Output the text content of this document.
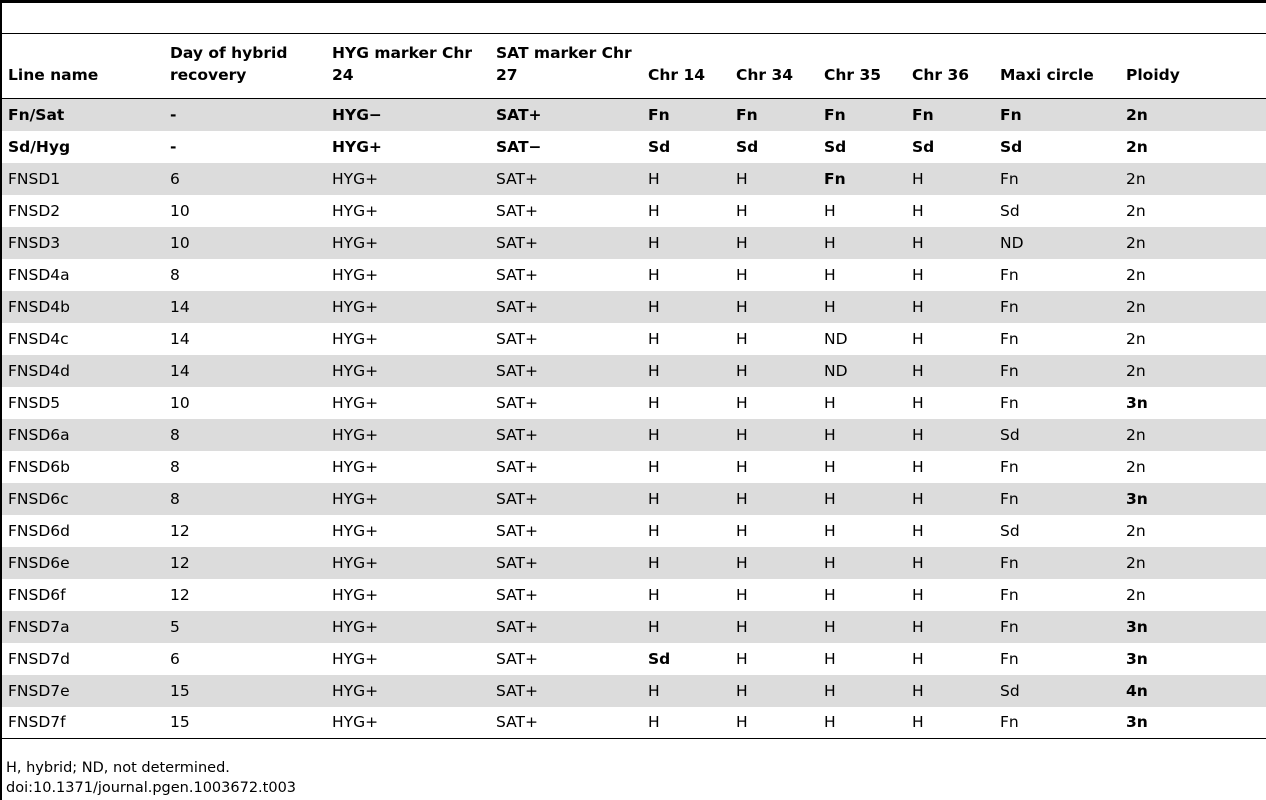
Line name	Day of hybrid recovery	HYG marker Chr 24	SAT marker Chr 27	Chr 14	Chr 34	Chr 35	Chr 36	Maxi circle	Ploidy
Fn/Sat	-	HYG−	SAT+	Fn	Fn	Fn	Fn	Fn	2n
Sd/Hyg	-	HYG+	SAT−	Sd	Sd	Sd	Sd	Sd	2n
FNSD1	6	HYG+	SAT+	H	H	Fn	H	Fn	2n
FNSD2	10	HYG+	SAT+	H	H	H	H	Sd	2n
FNSD3	10	HYG+	SAT+	H	H	H	H	ND	2n
FNSD4a	8	HYG+	SAT+	H	H	H	H	Fn	2n
FNSD4b	14	HYG+	SAT+	H	H	H	H	Fn	2n
FNSD4c	14	HYG+	SAT+	H	H	ND	H	Fn	2n
FNSD4d	14	HYG+	SAT+	H	H	ND	H	Fn	2n
FNSD5	10	HYG+	SAT+	H	H	H	H	Fn	3n
FNSD6a	8	HYG+	SAT+	H	H	H	H	Sd	2n
FNSD6b	8	HYG+	SAT+	H	H	H	H	Fn	2n
FNSD6c	8	HYG+	SAT+	H	H	H	H	Fn	3n
FNSD6d	12	HYG+	SAT+	H	H	H	H	Sd	2n
FNSD6e	12	HYG+	SAT+	H	H	H	H	Fn	2n
FNSD6f	12	HYG+	SAT+	H	H	H	H	Fn	2n
FNSD7a	5	HYG+	SAT+	H	H	H	H	Fn	3n
FNSD7d	6	HYG+	SAT+	Sd	H	H	H	Fn	3n
FNSD7e	15	HYG+	SAT+	H	H	H	H	Sd	4n
FNSD7f	15	HYG+	SAT+	H	H	H	H	Fn	3n
H, hybrid; ND, not determined.
doi:10.1371/journal.pgen.1003672.t003
